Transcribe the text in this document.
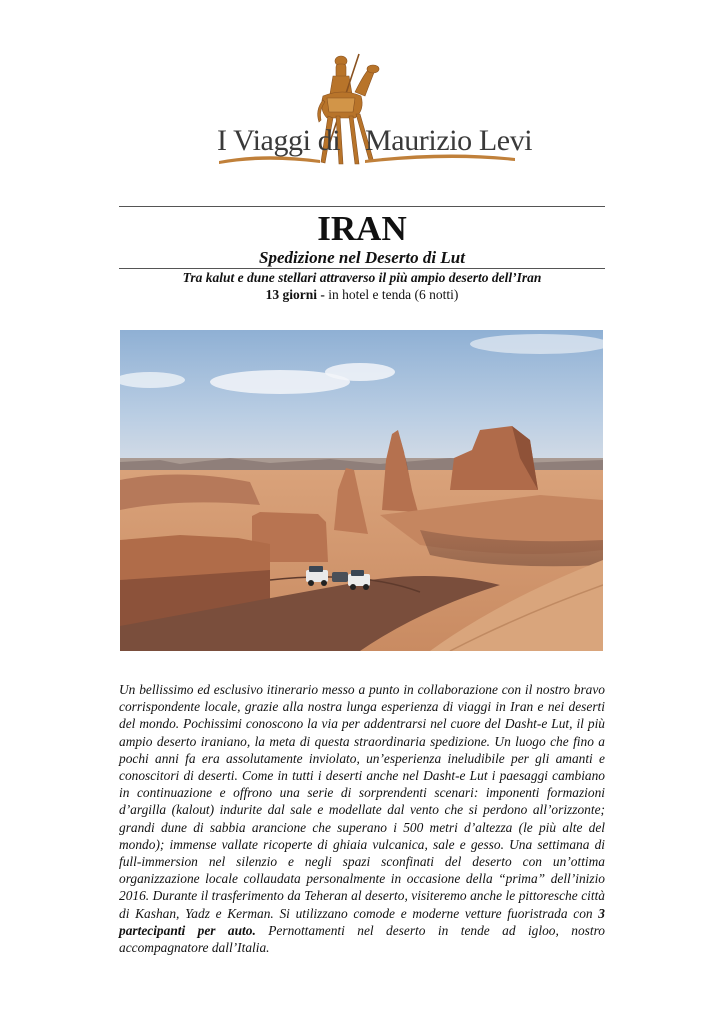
I Viaggi di Maurizio Levi
IRAN
Spedizione nel Deserto di Lut
Tra kalut e dune stellari attraverso il più ampio deserto dell’Iran
13 giorni - in hotel e tenda (6 notti)
Un bellissimo ed esclusivo itinerario messo a punto in collaborazione con il nostro bravo corrispondente locale, grazie alla nostra lunga esperienza di viaggi in Iran e nei deserti del mondo. Pochissimi conoscono la via per addentrarsi nel cuore del Dasht-e Lut, il più ampio deserto iraniano, la meta di questa straordinaria spedizione. Un luogo che fino a pochi anni fa era assolutamente inviolato, un’esperienza ineludibile per gli amanti e conoscitori di deserti. Come in tutti i deserti anche nel Dasht-e Lut i paesaggi cambiano in continuazione e offrono una serie di sorprendenti scenari: imponenti formazioni d’argilla (kalout) indurite dal sale e modellate dal vento che si perdono all’orizzonte; grandi dune di sabbia arancione che superano i 500 metri d’altezza (le più alte del mondo); immense vallate ricoperte di ghiaia vulcanica, sale e gesso. Una settimana di full-immersion nel silenzio e negli spazi sconfinati del deserto con un’ottima organizzazione locale collaudata personalmente in occasione della “prima” dell’inizio 2016. Durante il trasferimento da Teheran al deserto, visiteremo anche le pittoresche città di Kashan, Yadz e Kerman. Si utilizzano comode e moderne vetture fuoristrada con 3 partecipanti per auto. Pernottamenti nel deserto in tende ad igloo, nostro accompagnatore dall’Italia.
